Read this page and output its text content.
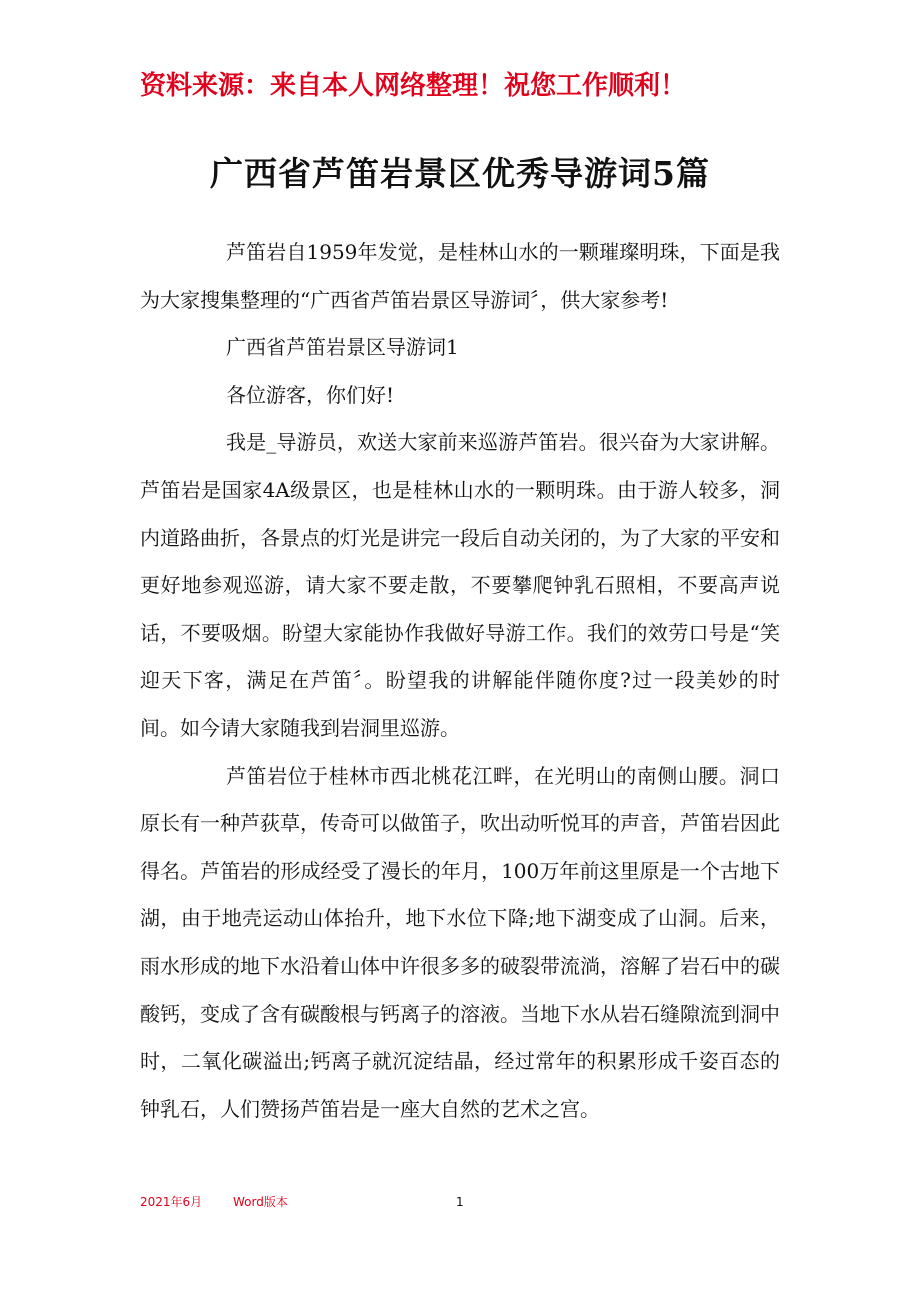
资料来源：来自本人网络整理！祝您工作顺利！
广西省芦笛岩景区优秀导游词5篇

芦笛岩自1959年发觉，是桂林山水的一颗璀璨明珠，下面是我为大家搜集整理的“广西省芦笛岩景区导游词〞，供大家参考!

广西省芦笛岩景区导游词1

各位游客，你们好!

我是_导游员，欢送大家前来巡游芦笛岩。很兴奋为大家讲解。芦笛岩是国家4A级景区，也是桂林山水的一颗明珠。由于游人较多，洞内道路曲折，各景点的灯光是讲完一段后自动关闭的，为了大家的平安和更好地参观巡游，请大家不要走散，不要攀爬钟乳石照相，不要高声说话，不要吸烟。盼望大家能协作我做好导游工作。我们的效劳口号是“笑迎天下客，满足在芦笛〞。盼望我的讲解能伴随你度?过一段美妙的时间。如今请大家随我到岩洞里巡游。

芦笛岩位于桂林市西北桃花江畔，在光明山的南侧山腰。洞口原长有一种芦荻草，传奇可以做笛子，吹出动听悦耳的声音，芦笛岩因此得名。芦笛岩的形成经受了漫长的年月，100万年前这里原是一个古地下湖，由于地壳运动山体抬升，地下水位下降;地下湖变成了山洞。后来，雨水形成的地下水沿着山体中许很多多的破裂带流淌，溶解了岩石中的碳酸钙，变成了含有碳酸根与钙离子的溶液。当地下水从岩石缝隙流到洞中时，二氧化碳溢出;钙离子就沉淀结晶，经过常年的积累形成千姿百态的钟乳石，人们赞扬芦笛岩是一座大自然的艺术之宫。

2021年6月	Word版本	1
